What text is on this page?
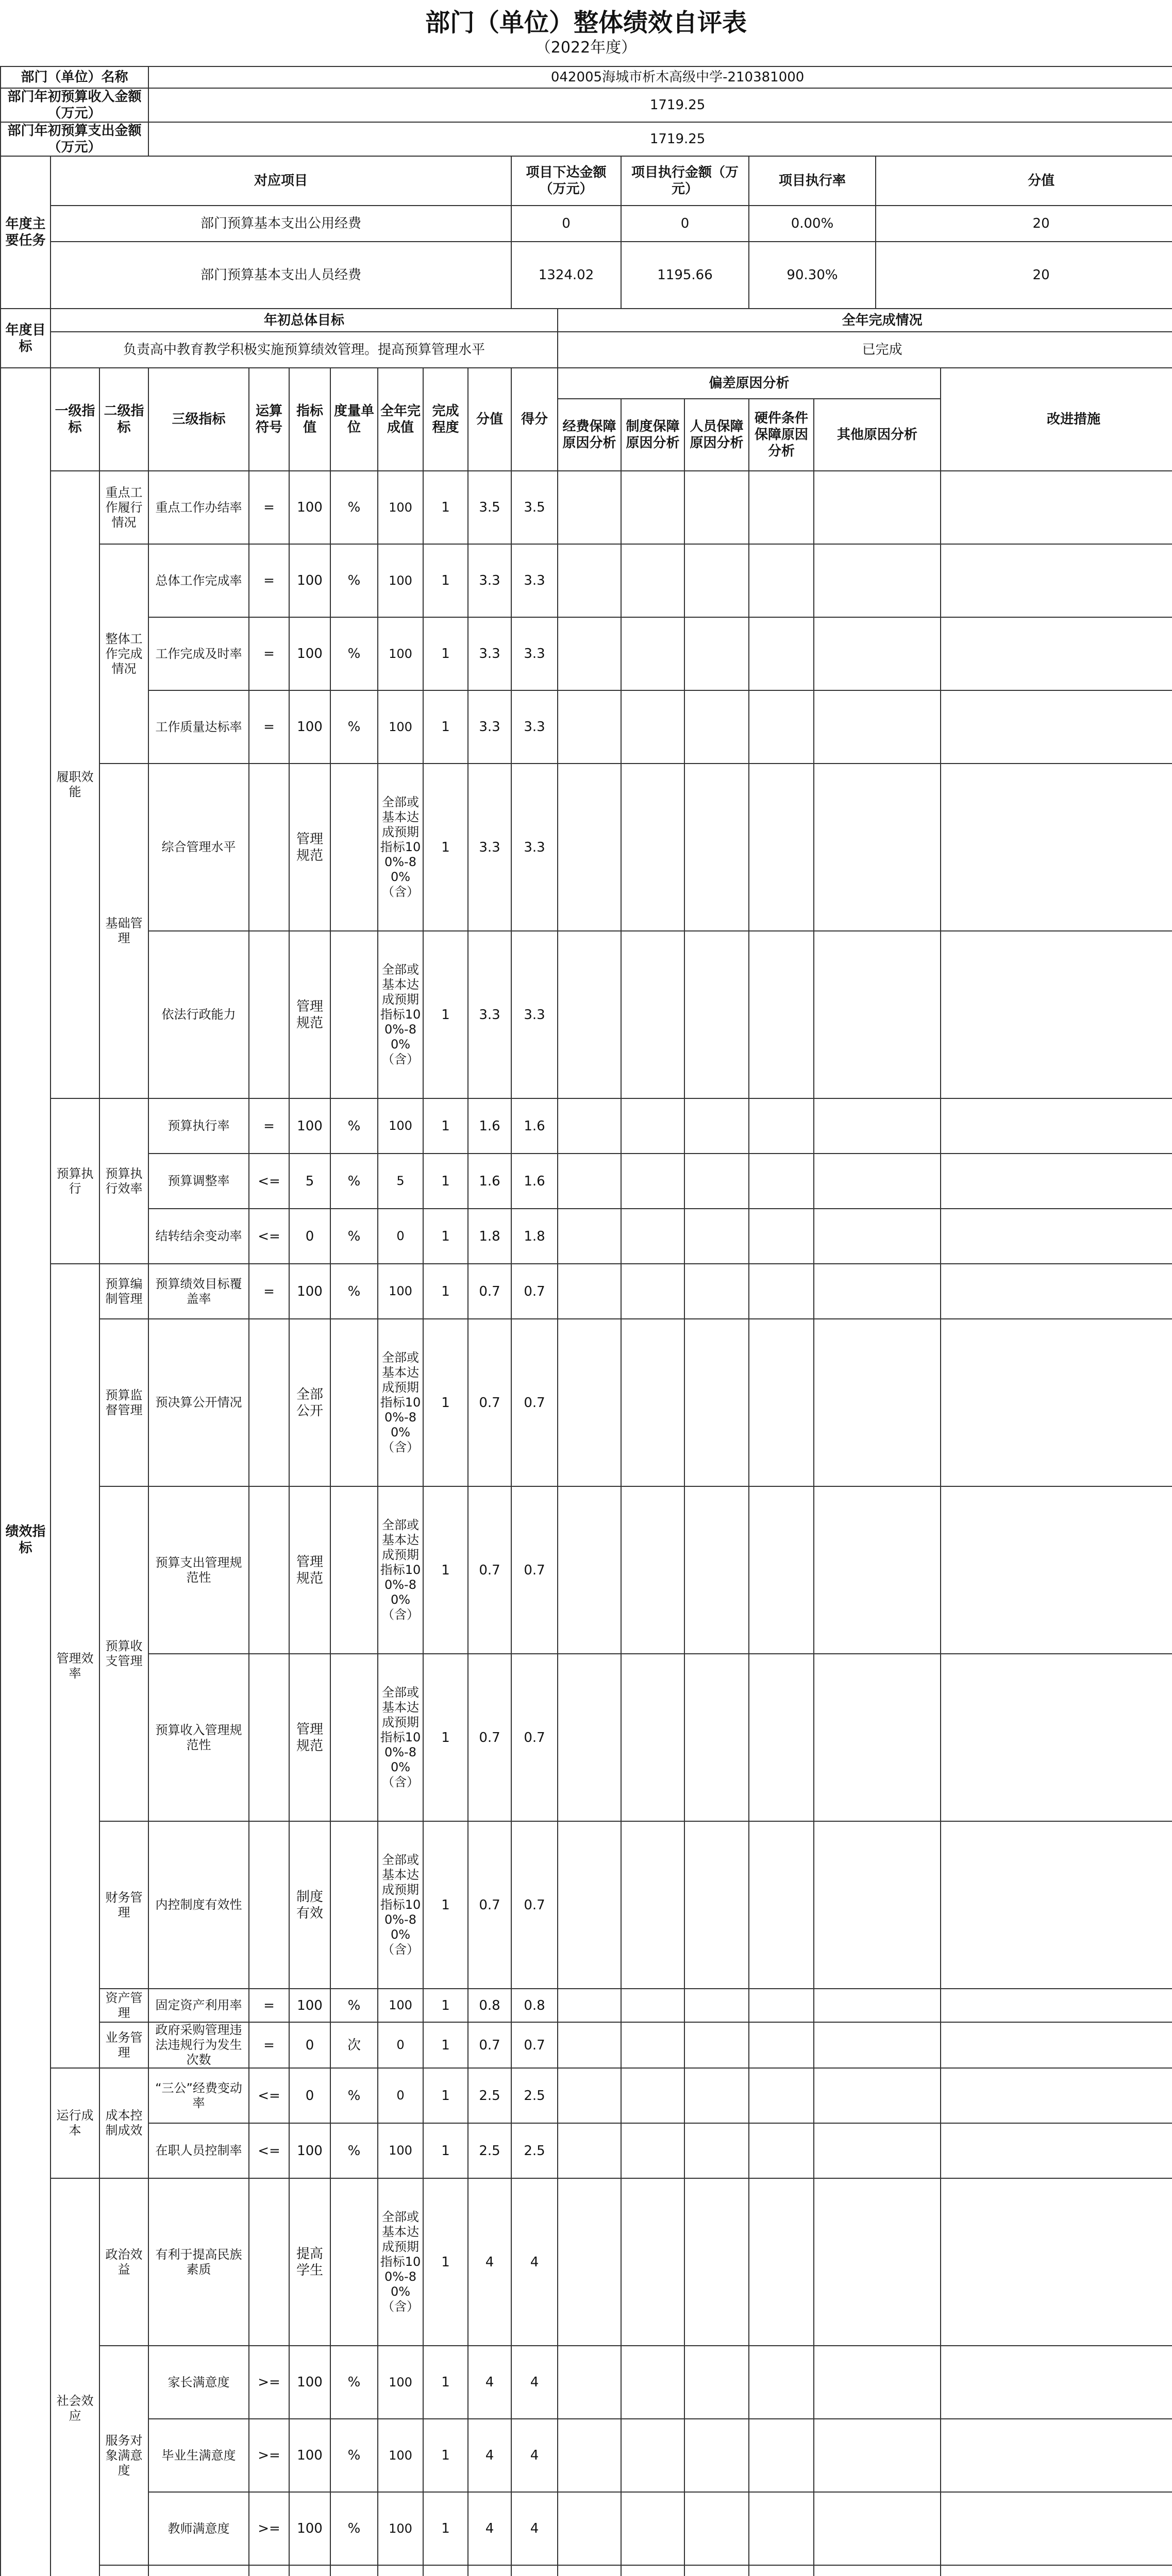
部门（单位）整体绩效自评表
（2022年度）
部门（单位）名称			042005海城市析木高级中学-210381000															
部门年初预算收入金额（万元）			1719.25															
部门年初预算支出金额（万元）			1719.25															
年度主要任务	对应项目									项目下达金额（万元）		项目执行金额（万元）		项目执行率		分值	
	部门预算基本支出公用经费									0		0		0.00%		20	
	部门预算基本支出人员经费									1324.02		1195.66		90.30%		20	
年度目标	年初总体目标										全年完成情况							
	负责高中教育教学积极实施预算绩效管理。提高预算管理水平										已完成							
绩效指标	一级指标	二级指标	三级指标	运算符号	指标值	度量单位	全年完成值	完成程度	分值	得分	偏差原因分析						改进措施	
											经费保障原因分析	制度保障原因分析	人员保障原因分析	硬件条件保障原因分析	其他原因分析			
	履职效能	重点工作履行情况	重点工作办结率	=	100	%	100	1	3.5	3.5								
		整体工作完成情况	总体工作完成率	=	100	%	100	1	3.3	3.3								
			工作完成及时率	=	100	%	100	1	3.3	3.3								
			工作质量达标率	=	100	%	100	1	3.3	3.3								
		基础管理	综合管理水平		管理规范		全部或基本达成预期指标100%-80%（含）	1	3.3	3.3								
			依法行政能力		管理规范		全部或基本达成预期指标100%-80%（含）	1	3.3	3.3								
	预算执行	预算执行效率	预算执行率	=	100	%	100	1	1.6	1.6								
			预算调整率	<=	5	%	5	1	1.6	1.6								
			结转结余变动率	<=	0	%	0	1	1.8	1.8								
	管理效率	预算编制管理	预算绩效目标覆盖率	=	100	%	100	1	0.7	0.7								
		预算监督管理	预决算公开情况		全部公开		全部或基本达成预期指标100%-80%（含）	1	0.7	0.7								
		预算收支管理	预算支出管理规范性		管理规范		全部或基本达成预期指标100%-80%（含）	1	0.7	0.7								
			预算收入管理规范性		管理规范		全部或基本达成预期指标100%-80%（含）	1	0.7	0.7								
		财务管理	内控制度有效性		制度有效		全部或基本达成预期指标100%-80%（含）	1	0.7	0.7								
		资产管理	固定资产利用率	=	100	%	100	1	0.8	0.8								
		业务管理	政府采购管理违法违规行为发生次数	=	0	次	0	1	0.7	0.7								
	运行成本	成本控制成效	“三公”经费变动率	<=	0	%	0	1	2.5	2.5								
			在职人员控制率	<=	100	%	100	1	2.5	2.5								
	社会效应	政治效益	有利于提高民族素质		提高学生		全部或基本达成预期指标100%-80%（含）	1	4	4								
		服务对象满意度	家长满意度	>=	100	%	100	1	4	4								
			毕业生满意度	>=	100	%	100	1	4	4								
			教师满意度	>=	100	%	100	1	4	4								
